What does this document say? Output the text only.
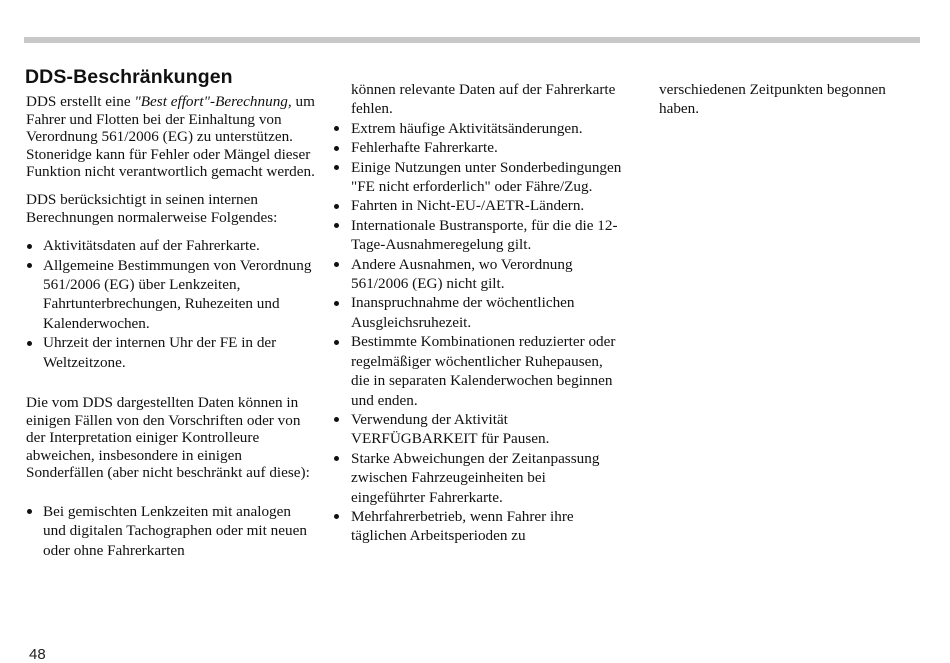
DDS-Beschränkungen

DDS erstellt eine "Best effort"-Berechnung, um Fahrer und Flotten bei der Einhaltung von Verordnung 561/2006 (EG) zu unterstützen. Stoneridge kann für Fehler oder Mängel dieser Funktion nicht verantwortlich gemacht werden.

DDS berücksichtigt in seinen internen Berechnungen normalerweise Folgendes:

Aktivitätsdaten auf der Fahrerkarte.
Allgemeine Bestimmungen von Verordnung 561/2006 (EG) über Lenkzeiten, Fahrtunterbrechungen, Ruhezeiten und Kalenderwochen.
Uhrzeit der internen Uhr der FE in der Weltzeitzone.

Die vom DDS dargestellten Daten können in einigen Fällen von den Vorschriften oder von der Interpretation einiger Kontrolleure abweichen, insbesondere in einigen Sonderfällen (aber nicht beschränkt auf diese):

Bei gemischten Lenkzeiten mit analogen und digitalen Tachographen oder mit neuen oder ohne Fahrerkarten

können relevante Daten auf der Fahrerkarte fehlen.

Extrem häufige Aktivitätsänderungen.
Fehlerhafte Fahrerkarte.
Einige Nutzungen unter Sonderbedingungen "FE nicht erforderlich" oder Fähre/Zug.
Fahrten in Nicht-EU-/AETR-Ländern.
Internationale Bustransporte, für die die 12-Tage-Ausnahmeregelung gilt.
Andere Ausnahmen, wo Verordnung 561/2006 (EG) nicht gilt.
Inanspruchnahme der wöchentlichen Ausgleichsruhezeit.
Bestimmte Kombinationen reduzierter oder regelmäßiger wöchentlicher Ruhepausen, die in separaten Kalenderwochen beginnen und enden.
Verwendung der Aktivität VERFÜGBARKEIT für Pausen.
Starke Abweichungen der Zeitanpassung zwischen Fahrzeugeinheiten bei eingeführter Fahrerkarte.
Mehrfahrerbetrieb, wenn Fahrer ihre täglichen Arbeitsperioden zu

verschiedenen Zeitpunkten begonnen haben.

48
